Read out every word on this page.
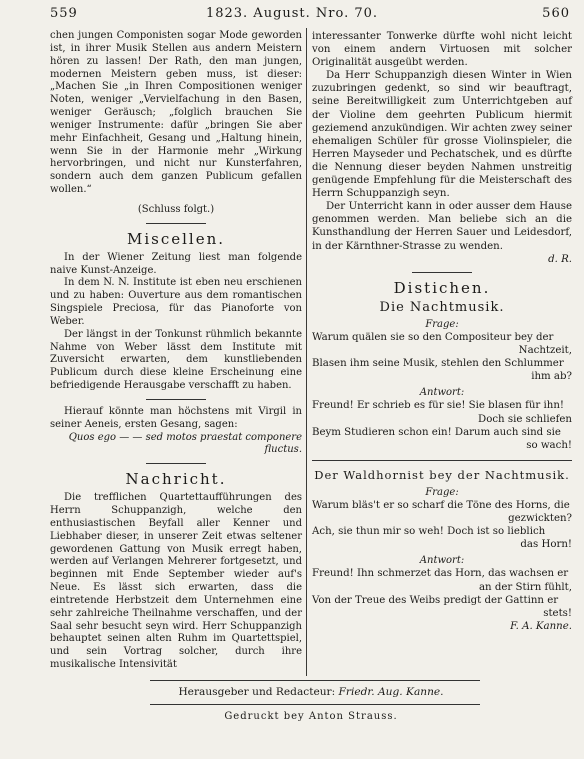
559	1823. August. Nro. 70.	560

chen jungen Componisten sogar Mode geworden ist, in ihrer Musik Stellen aus andern Meistern hören zu lassen! Der Rath, den man jungen, modernen Meistern geben muss, ist dieser: „Machen Sie „in Ihren Compositionen weniger Noten, weniger „Vervielfachung in den Basen, weniger Geräusch; „folglich brauchen Sie weniger Instrumente: dafür „bringen Sie aber mehr Einfachheit, Gesang und „Haltung hinein, wenn Sie in der Harmonie mehr „Wirkung hervorbringen, und nicht nur Kunsterfahren, sondern auch dem ganzen Publicum gefallen wollen.“

(Schluss folgt.)

Miscellen.

In der Wiener Zeitung liest man folgende naive Kunst-Anzeige.

In dem N. N. Institute ist eben neu erschienen und zu haben: Ouverture aus dem romantischen Singspiele Preciosa, für das Pianoforte von Weber.

Der längst in der Tonkunst rühmlich bekannte Nahme von Weber lässt dem Institute mit Zuversicht erwarten, dem kunstliebenden Publicum durch diese kleine Erscheinung eine befriedigende Herausgabe verschafft zu haben.

Hierauf könnte man höchstens mit Virgil in seiner Aeneis, ersten Gesang, sagen:

Quos ego — — sed motos praestat componere fluctus.

Nachricht.

Die trefflichen Quartettaufführungen des Herrn Schuppanzigh, welche den enthusiastischen Beyfall aller Kenner und Liebhaber dieser, in unserer Zeit etwas seltener gewordenen Gattung von Musik erregt haben, werden auf Verlangen Mehrerer fortgesetzt, und beginnen mit Ende September wieder auf's Neue. Es lässt sich erwarten, dass die eintretende Herbstzeit dem Unternehmen eine sehr zahlreiche Theilnahme verschaffen, und der Saal sehr besucht seyn wird. Herr Schuppanzigh behauptet seinen alten Ruhm im Quartettspiel, und sein Vortrag solcher, durch ihre musikalische Intensivität

interessanter Tonwerke dürfte wohl nicht leicht von einem andern Virtuosen mit solcher Originalität ausgeübt werden.

Da Herr Schuppanzigh diesen Winter in Wien zuzubringen gedenkt, so sind wir beauftragt, seine Bereitwilligkeit zum Unterrichtgeben auf der Violine dem geehrten Publicum hiermit geziemend anzukündigen. Wir achten zwey seiner ehemaligen Schüler für grosse Violinspieler, die Herren Mayseder und Pechatschek, und es dürfte die Nennung dieser beyden Nahmen unstreitig genügende Empfehlung für die Meisterschaft des Herrn Schuppanzigh seyn.

Der Unterricht kann in oder ausser dem Hause genommen werden. Man beliebe sich an die Kunsthandlung der Herren Sauer und Leidesdorf, in der Kärnthner-Strasse zu wenden.

d. R.

Distichen.
Die Nachtmusik.
Frage:

Warum quälen sie so den Compositeur bey der

Nachtzeit,

Blasen ihm seine Musik, stehlen den Schlummer

ihm ab?

Antwort:

Freund! Er schrieb es für sie! Sie blasen für ihn!

Doch sie schliefen

Beym Studieren schon ein! Darum auch sind sie

so wach!

Der Waldhornist bey der Nachtmusik.
Frage:

Warum bläs't er so scharf die Töne des Horns, die

gezwickten?

Ach, sie thun mir so weh! Doch ist so lieblich

das Horn!

Antwort:

Freund! Ihn schmerzet das Horn, das wachsen er

an der Stirn fühlt,

Von der Treue des Weibs predigt der Gattinn er

stets!

F. A. Kanne.

Herausgeber und Redacteur: Friedr. Aug. Kanne.
Gedruckt bey Anton Strauss.
